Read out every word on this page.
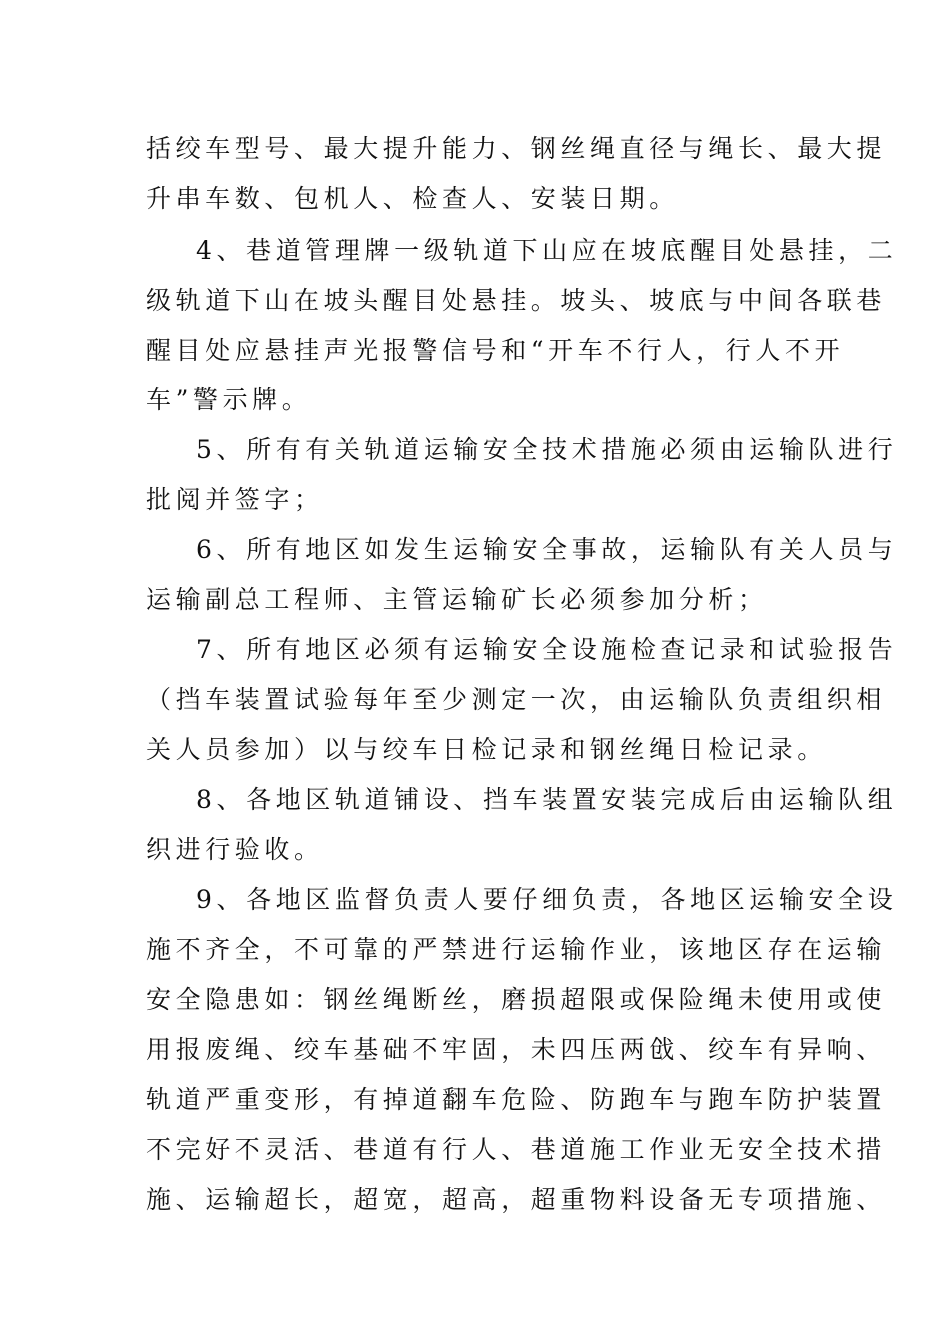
括绞车型号、最大提升能力、钢丝绳直径与绳长、最大提
升串车数、包机人、检查人、安装日期。
4、巷道管理牌一级轨道下山应在坡底醒目处悬挂，二
级轨道下山在坡头醒目处悬挂。坡头、坡底与中间各联巷
醒目处应悬挂声光报警信号和“开车不行人，行人不开
车”警示牌。
5、所有有关轨道运输安全技术措施必须由运输队进行
批阅并签字；
6、所有地区如发生运输安全事故，运输队有关人员与
运输副总工程师、主管运输矿长必须参加分析；
7、所有地区必须有运输安全设施检查记录和试验报告
（挡车装置试验每年至少测定一次，由运输队负责组织相
关人员参加）以与绞车日检记录和钢丝绳日检记录。
8、各地区轨道铺设、挡车装置安装完成后由运输队组
织进行验收。
9、各地区监督负责人要仔细负责，各地区运输安全设
施不齐全，不可靠的严禁进行运输作业，该地区存在运输
安全隐患如：钢丝绳断丝，磨损超限或保险绳未使用或使
用报废绳、绞车基础不牢固，未四压两戗、绞车有异响、
轨道严重变形，有掉道翻车危险、防跑车与跑车防护装置
不完好不灵活、巷道有行人、巷道施工作业无安全技术措
施、运输超长，超宽，超高，超重物料设备无专项措施、
